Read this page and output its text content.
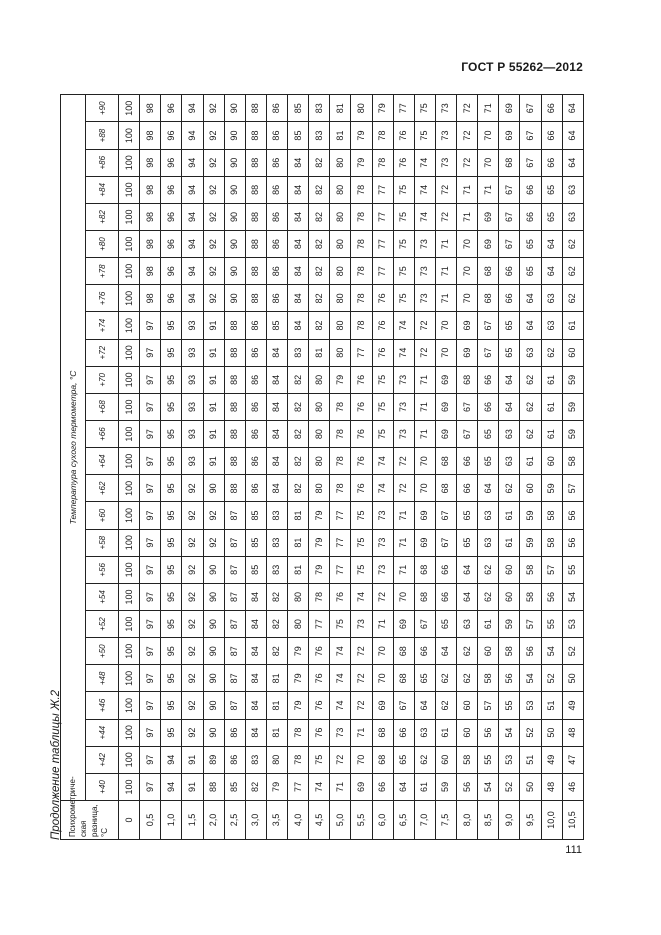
ГОСТ Р 55262—2012
Продолжение таблицы Ж.2 Психрометриче- ская разница, °С	Температура сухого термометра, °С																									
	+40	+42	+44	+46	+48	+50	+52	+54	+56	+58	+60	+62	+64	+66	+68	+70	+72	+74	+76	+78	+80	+82	+84	+86	+88	+90
0	100	100	100	100	100	100	100	100	100	100	100	100	100	100	100	100	100	100	100	100	100	100	100	100	100	100
0,5	97	97	97	97	97	97	97	97	97	97	97	97	97	97	97	97	97	97	98	98	98	98	98	98	98	98
1,0	94	94	95	95	95	95	95	95	95	95	95	95	95	95	95	95	95	95	96	96	96	96	96	96	96	96
1,5	91	91	92	92	92	92	92	92	92	92	92	92	93	93	93	93	93	93	94	94	94	94	94	94	94	94
2,0	88	89	90	90	90	90	90	90	90	92	92	90	91	91	91	91	91	91	92	92	92	92	92	92	92	92
2,5	85	86	86	87	87	87	87	87	87	87	87	88	88	88	88	88	88	88	90	90	90	90	90	90	90	90
3,0	82	83	84	84	84	84	84	84	85	85	85	86	86	86	86	86	86	86	88	88	88	88	88	88	88	88
3,5	79	80	81	81	81	82	82	82	83	83	83	84	84	84	84	84	84	85	86	86	86	86	86	86	86	86
4,0	77	78	78	79	79	79	80	80	81	81	81	82	82	82	82	82	83	84	84	84	84	84	84	84	85	85
4,5	74	75	76	76	76	76	77	78	79	79	79	80	80	80	80	80	81	82	82	82	82	82	82	82	83	83
5,0	71	72	73	74	74	74	75	76	77	77	77	78	78	78	78	79	80	80	80	80	80	80	80	80	81	81
5,5	69	70	71	72	72	72	73	74	75	75	75	76	76	76	76	76	77	78	78	78	78	78	78	79	79	80
6,0	66	68	68	69	70	70	71	72	73	73	73	74	74	75	75	75	76	76	76	77	77	77	77	78	78	79
6,5	64	65	66	67	68	68	69	70	71	71	71	72	72	73	73	73	74	74	75	75	75	75	75	76	76	77
7,0	61	62	63	64	65	66	67	68	68	69	69	70	70	71	71	71	72	72	73	73	73	74	74	74	75	75
7,5	59	60	61	62	62	64	65	66	66	67	67	68	68	69	69	69	70	70	71	71	71	72	72	73	73	73
8,0	56	58	60	60	62	62	63	64	64	65	65	66	66	67	67	68	69	69	70	70	70	71	71	72	72	72
8,5	54	55	56	57	58	60	61	62	62	63	63	64	65	65	66	66	67	67	68	68	69	69	71	70	70	71
9,0	52	53	54	55	56	58	59	60	60	61	61	62	63	63	64	64	65	65	66	66	67	67	67	68	69	69
9,5	50	51	52	53	54	56	57	58	58	59	59	60	61	62	62	62	63	64	64	65	65	66	66	67	67	67
10,0	48	49	50	51	52	54	55	56	57	58	58	59	60	61	61	61	62	63	63	64	64	65	65	66	66	66
10,5	46	47	48	49	50	52	53	54	55	56	56	57	58	59	59	59	60	61	62	62	62	63	63	64	64	64
111
